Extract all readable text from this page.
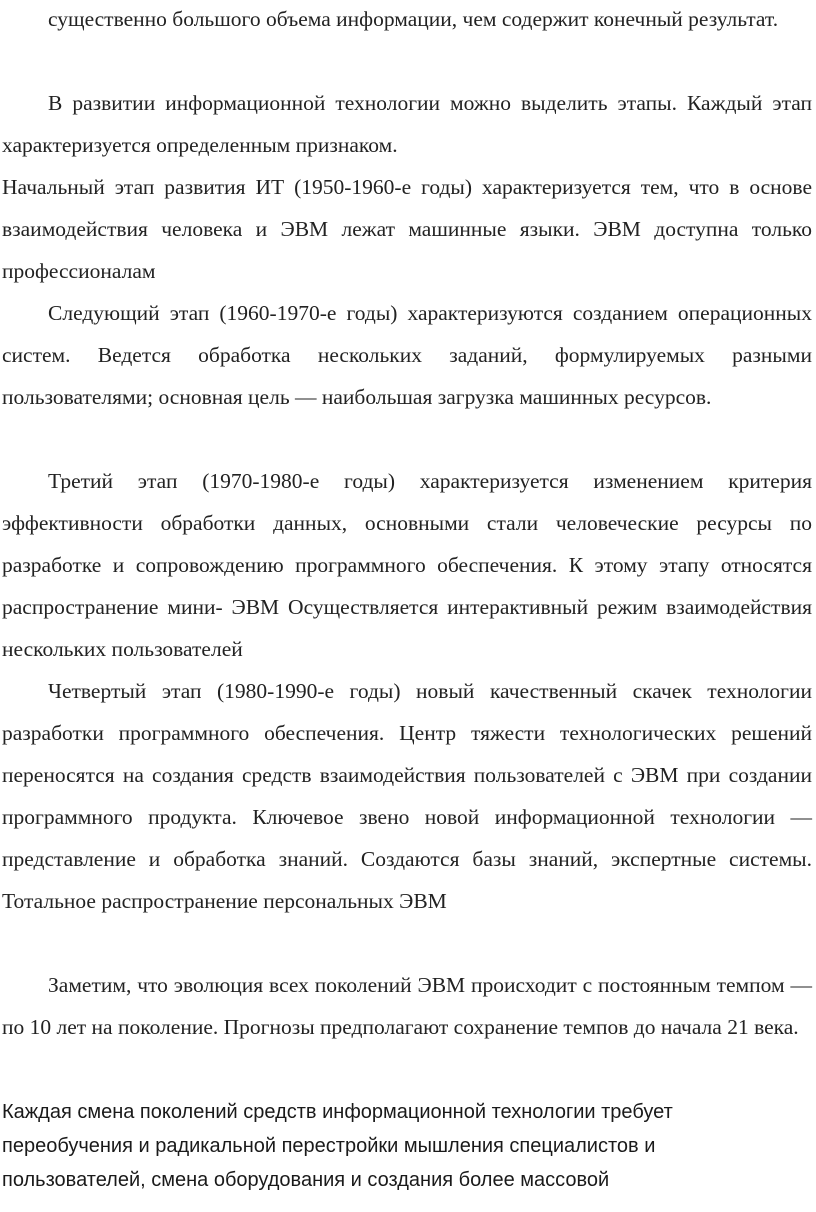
существенно большого объема информации, чем содержит конечный результат.

В развитии информационной технологии можно выделить этапы. Каждый этап характеризуется определенным признаком.

Начальный этап развития ИТ (1950-1960-е годы) характеризуется тем, что в основе взаимодействия человека и ЭВМ лежат машинные языки. ЭВМ доступна только профессионалам

Следующий этап (1960-1970-е годы) характеризуются созданием операционных систем. Ведется обработка нескольких заданий, формулируемых разными пользователями; основная цель — наибольшая загрузка машинных ресурсов.

Третий этап (1970-1980-е годы) характеризуется изменением критерия эффективности обработки данных, основными стали человеческие ресурсы по разработке и сопровождению программного обеспечения. К этому этапу относятся распространение мини- ЭВМ Осуществляется интерактивный режим взаимодействия нескольких пользователей

Четвертый этап (1980-1990-е годы) новый качественный скачек технологии разработки программного обеспечения. Центр тяжести технологических решений переносятся на создания средств взаимодействия пользователей с ЭВМ при создании программного продукта. Ключевое звено новой информационной технологии — представление и обработка знаний. Создаются базы знаний, экспертные системы. Тотальное распространение персональных ЭВМ

Заметим, что эволюция всех поколений ЭВМ происходит с постоянным темпом — по 10 лет на поколение. Прогнозы предполагают сохранение темпов до начала 21 века.

Каждая смена поколений средств информационной технологии требует переобучения и радикальной перестройки мышления специалистов и пользователей, смена оборудования и создания более массовой
